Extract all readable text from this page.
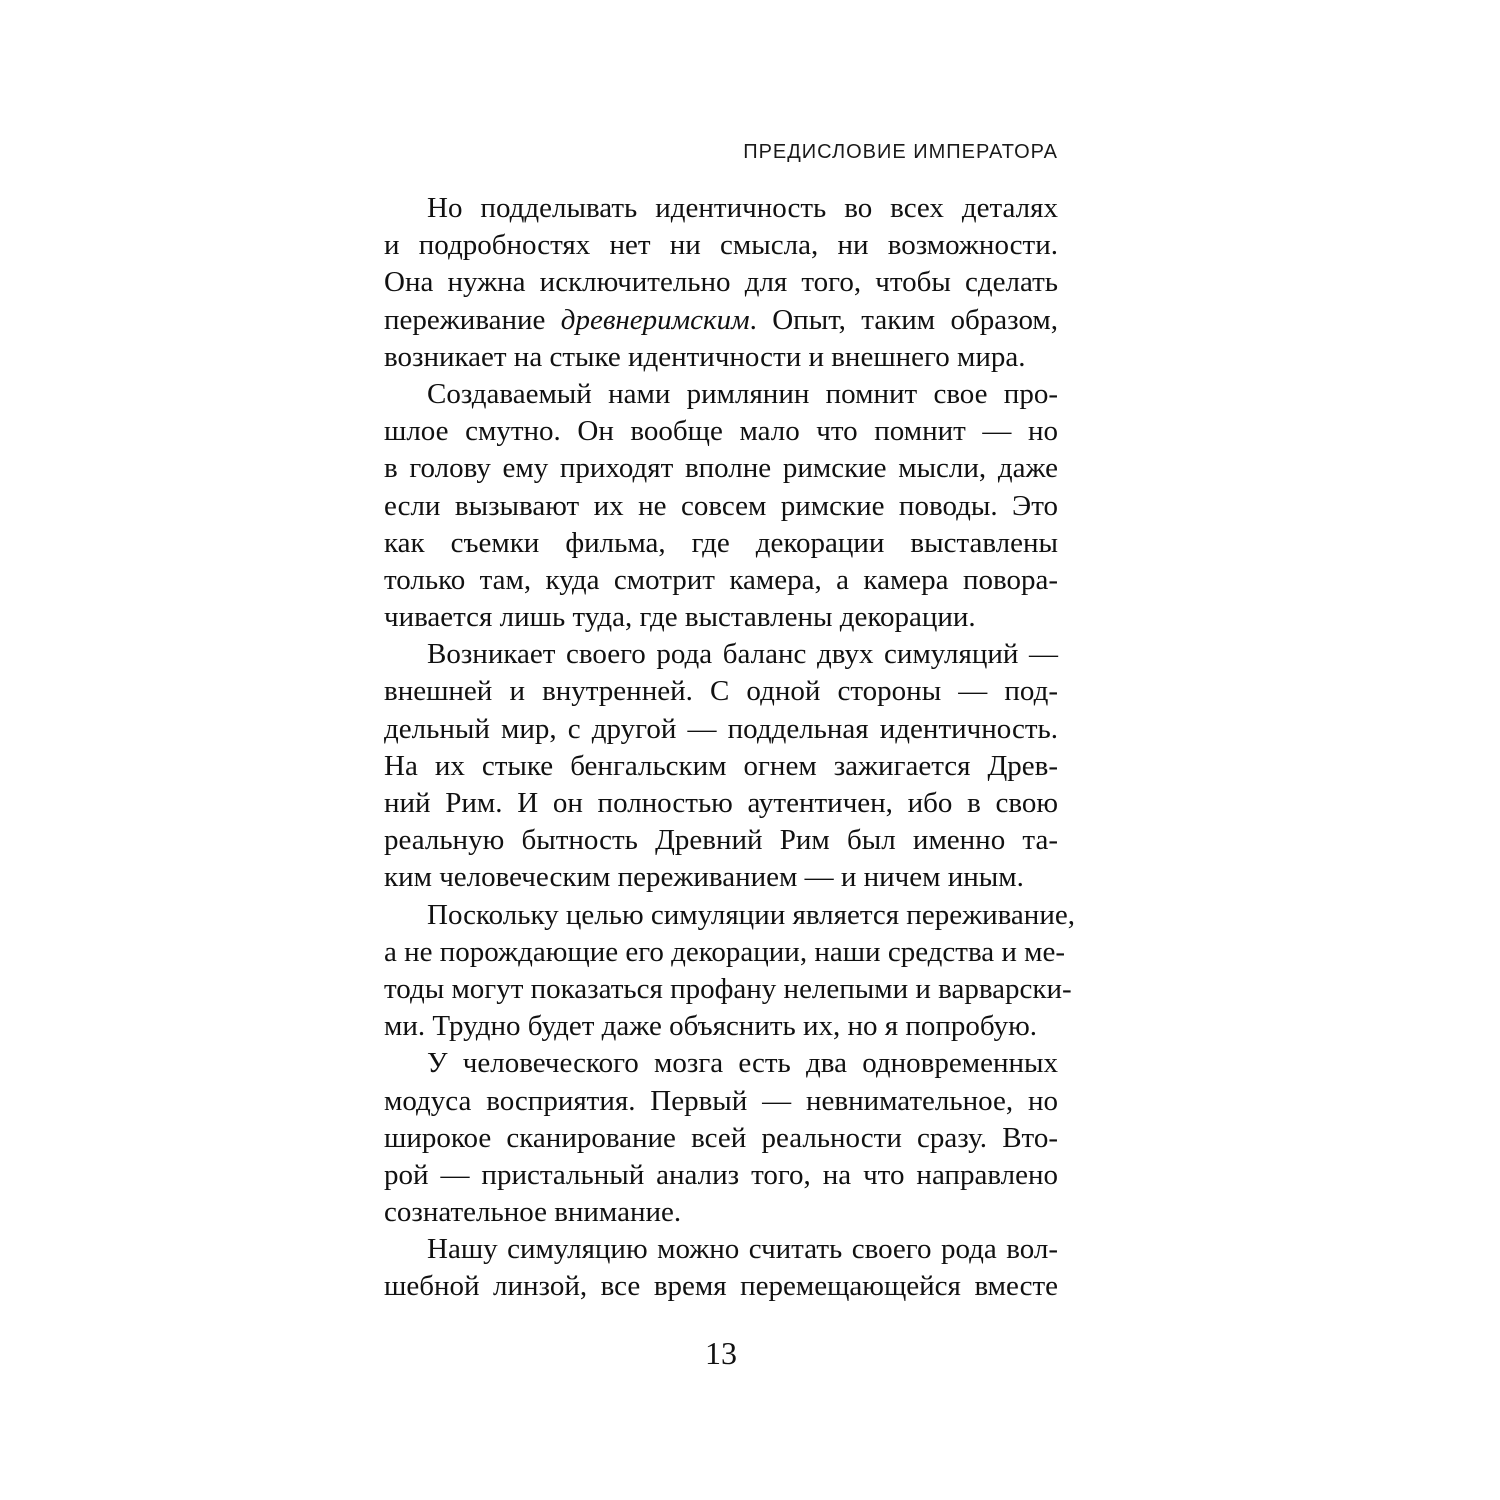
ПРЕДИСЛОВИЕ ИМПЕРАТОРА
Но подделывать идентичность во всех деталях
и подробностях нет ни смысла, ни возможности.
Она нужна исключительно для того, чтобы сделать
переживание древнеримским. Опыт, таким образом,
возникает на стыке идентичности и внешнего мира.
Создаваемый нами римлянин помнит свое про-
шлое смутно. Он вообще мало что помнит — но
в голову ему приходят вполне римские мысли, даже
если вызывают их не совсем римские поводы. Это
как съемки фильма, где декорации выставлены
только там, куда смотрит камера, а камера повора-
чивается лишь туда, где выставлены декорации.
Возникает своего рода баланс двух симуляций —
внешней и внутренней. С одной стороны — под-
дельный мир, с другой — поддельная идентичность.
На их стыке бенгальским огнем зажигается Древ-
ний Рим. И он полностью аутентичен, ибо в свою
реальную бытность Древний Рим был именно та-
ким человеческим переживанием — и ничем иным.
Поскольку целью симуляции является переживание,
а не порождающие его декорации, наши средства и ме-
тоды могут показаться профану нелепыми и варварски-
ми. Трудно будет даже объяснить их, но я попробую.
У человеческого мозга есть два одновременных
модуса восприятия. Первый — невнимательное, но
широкое сканирование всей реальности сразу. Вто-
рой — пристальный анализ того, на что направлено
сознательное внимание.
Нашу симуляцию можно считать своего рода вол-
шебной линзой, все время перемещающейся вместе
13
